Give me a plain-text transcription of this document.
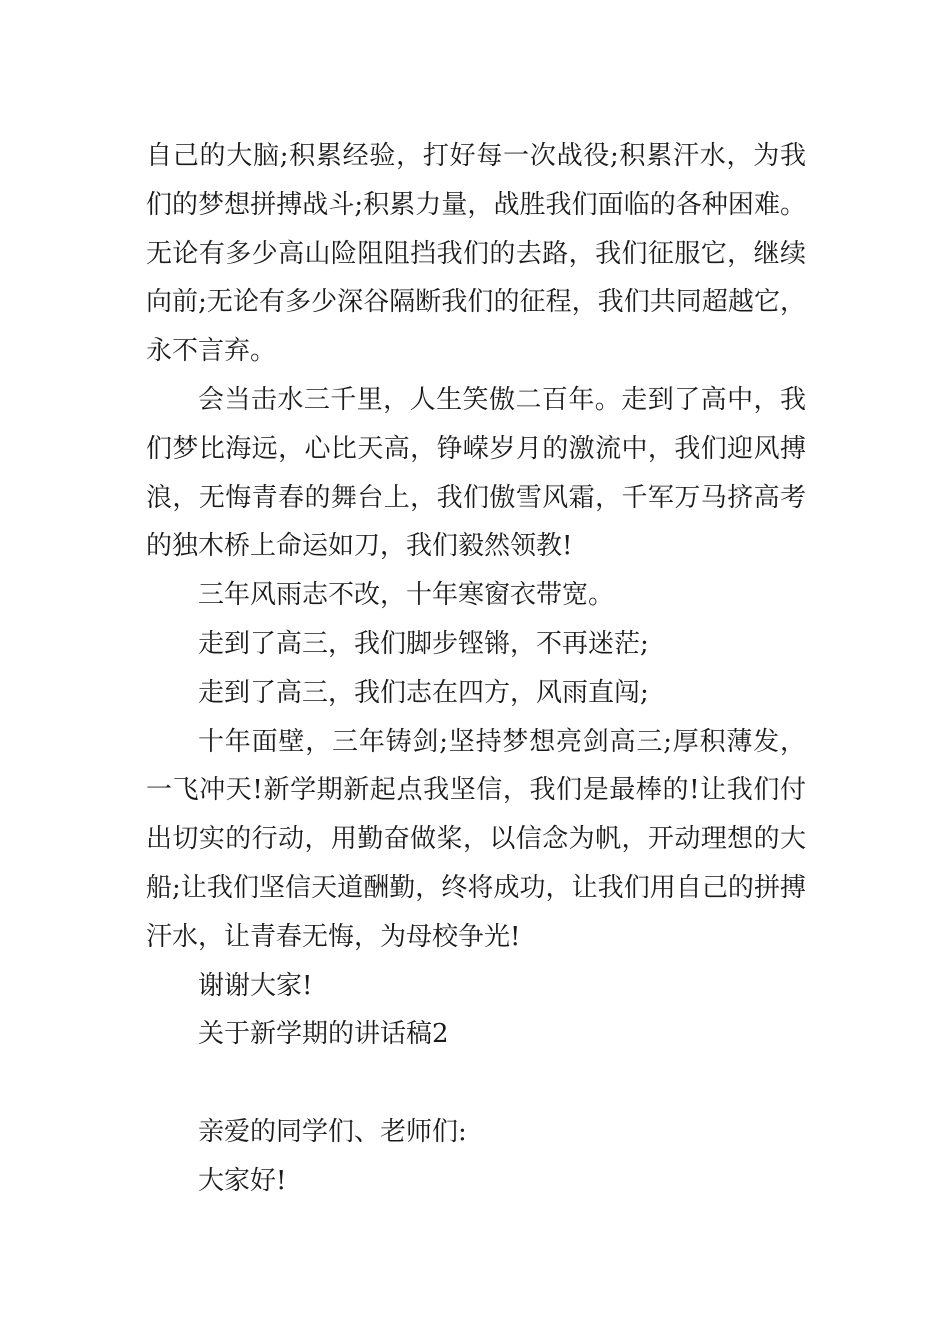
自己的大脑;积累经验，打好每一次战役;积累汗水，为我们的梦想拼搏战斗;积累力量，战胜我们面临的各种困难。无论有多少高山险阻阻挡我们的去路，我们征服它，继续向前;无论有多少深谷隔断我们的征程，我们共同超越它，永不言弃。

会当击水三千里，人生笑傲二百年。走到了高中，我们梦比海远，心比天高，铮嵘岁月的激流中，我们迎风搏浪，无悔青春的舞台上，我们傲雪风霜，千军万马挤高考的独木桥上命运如刀，我们毅然领教!

三年风雨志不改，十年寒窗衣带宽。

走到了高三，我们脚步铿锵，不再迷茫;

走到了高三，我们志在四方，风雨直闯;

十年面壁，三年铸剑;坚持梦想亮剑高三;厚积薄发，一飞冲天!新学期新起点我坚信，我们是最棒的!让我们付出切实的行动，用勤奋做桨，以信念为帆，开动理想的大船;让我们坚信天道酬勤，终将成功，让我们用自己的拼搏汗水，让青春无悔，为母校争光!

谢谢大家!

关于新学期的讲话稿2

亲爱的同学们、老师们:

大家好!
